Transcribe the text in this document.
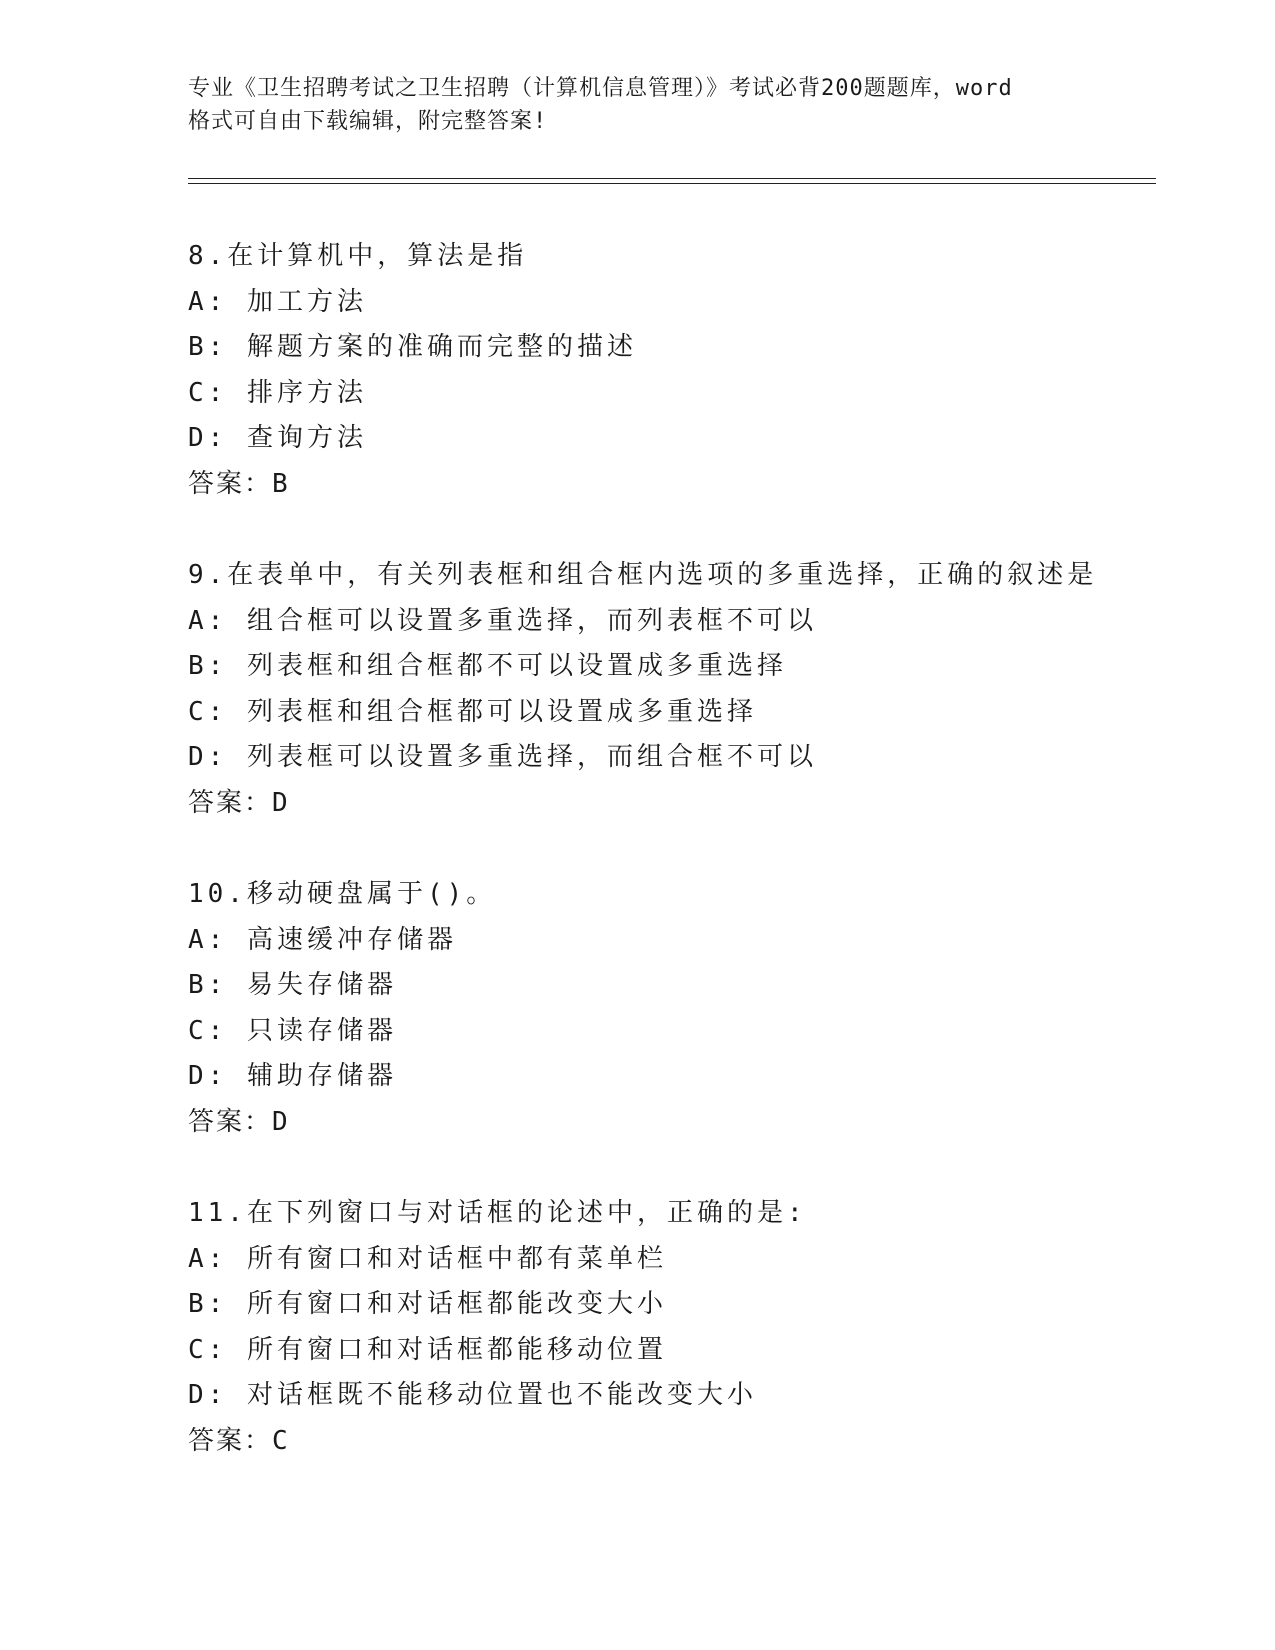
专业《卫生招聘考试之卫生招聘（计算机信息管理）》考试必背200题题库，word
格式可自由下载编辑，附完整答案!
8.在计算机中，算法是指
A: 加工方法
B: 解题方案的准确而完整的描述
C: 排序方法
D: 查询方法
答案：B
9.在表单中，有关列表框和组合框内选项的多重选择，正确的叙述是
A: 组合框可以设置多重选择，而列表框不可以
B: 列表框和组合框都不可以设置成多重选择
C: 列表框和组合框都可以设置成多重选择
D: 列表框可以设置多重选择，而组合框不可以
答案：D
10.移动硬盘属于()。
A: 高速缓冲存储器
B: 易失存储器
C: 只读存储器
D: 辅助存储器
答案：D
11.在下列窗口与对话框的论述中，正确的是:
A: 所有窗口和对话框中都有菜单栏
B: 所有窗口和对话框都能改变大小
C: 所有窗口和对话框都能移动位置
D: 对话框既不能移动位置也不能改变大小
答案：C
